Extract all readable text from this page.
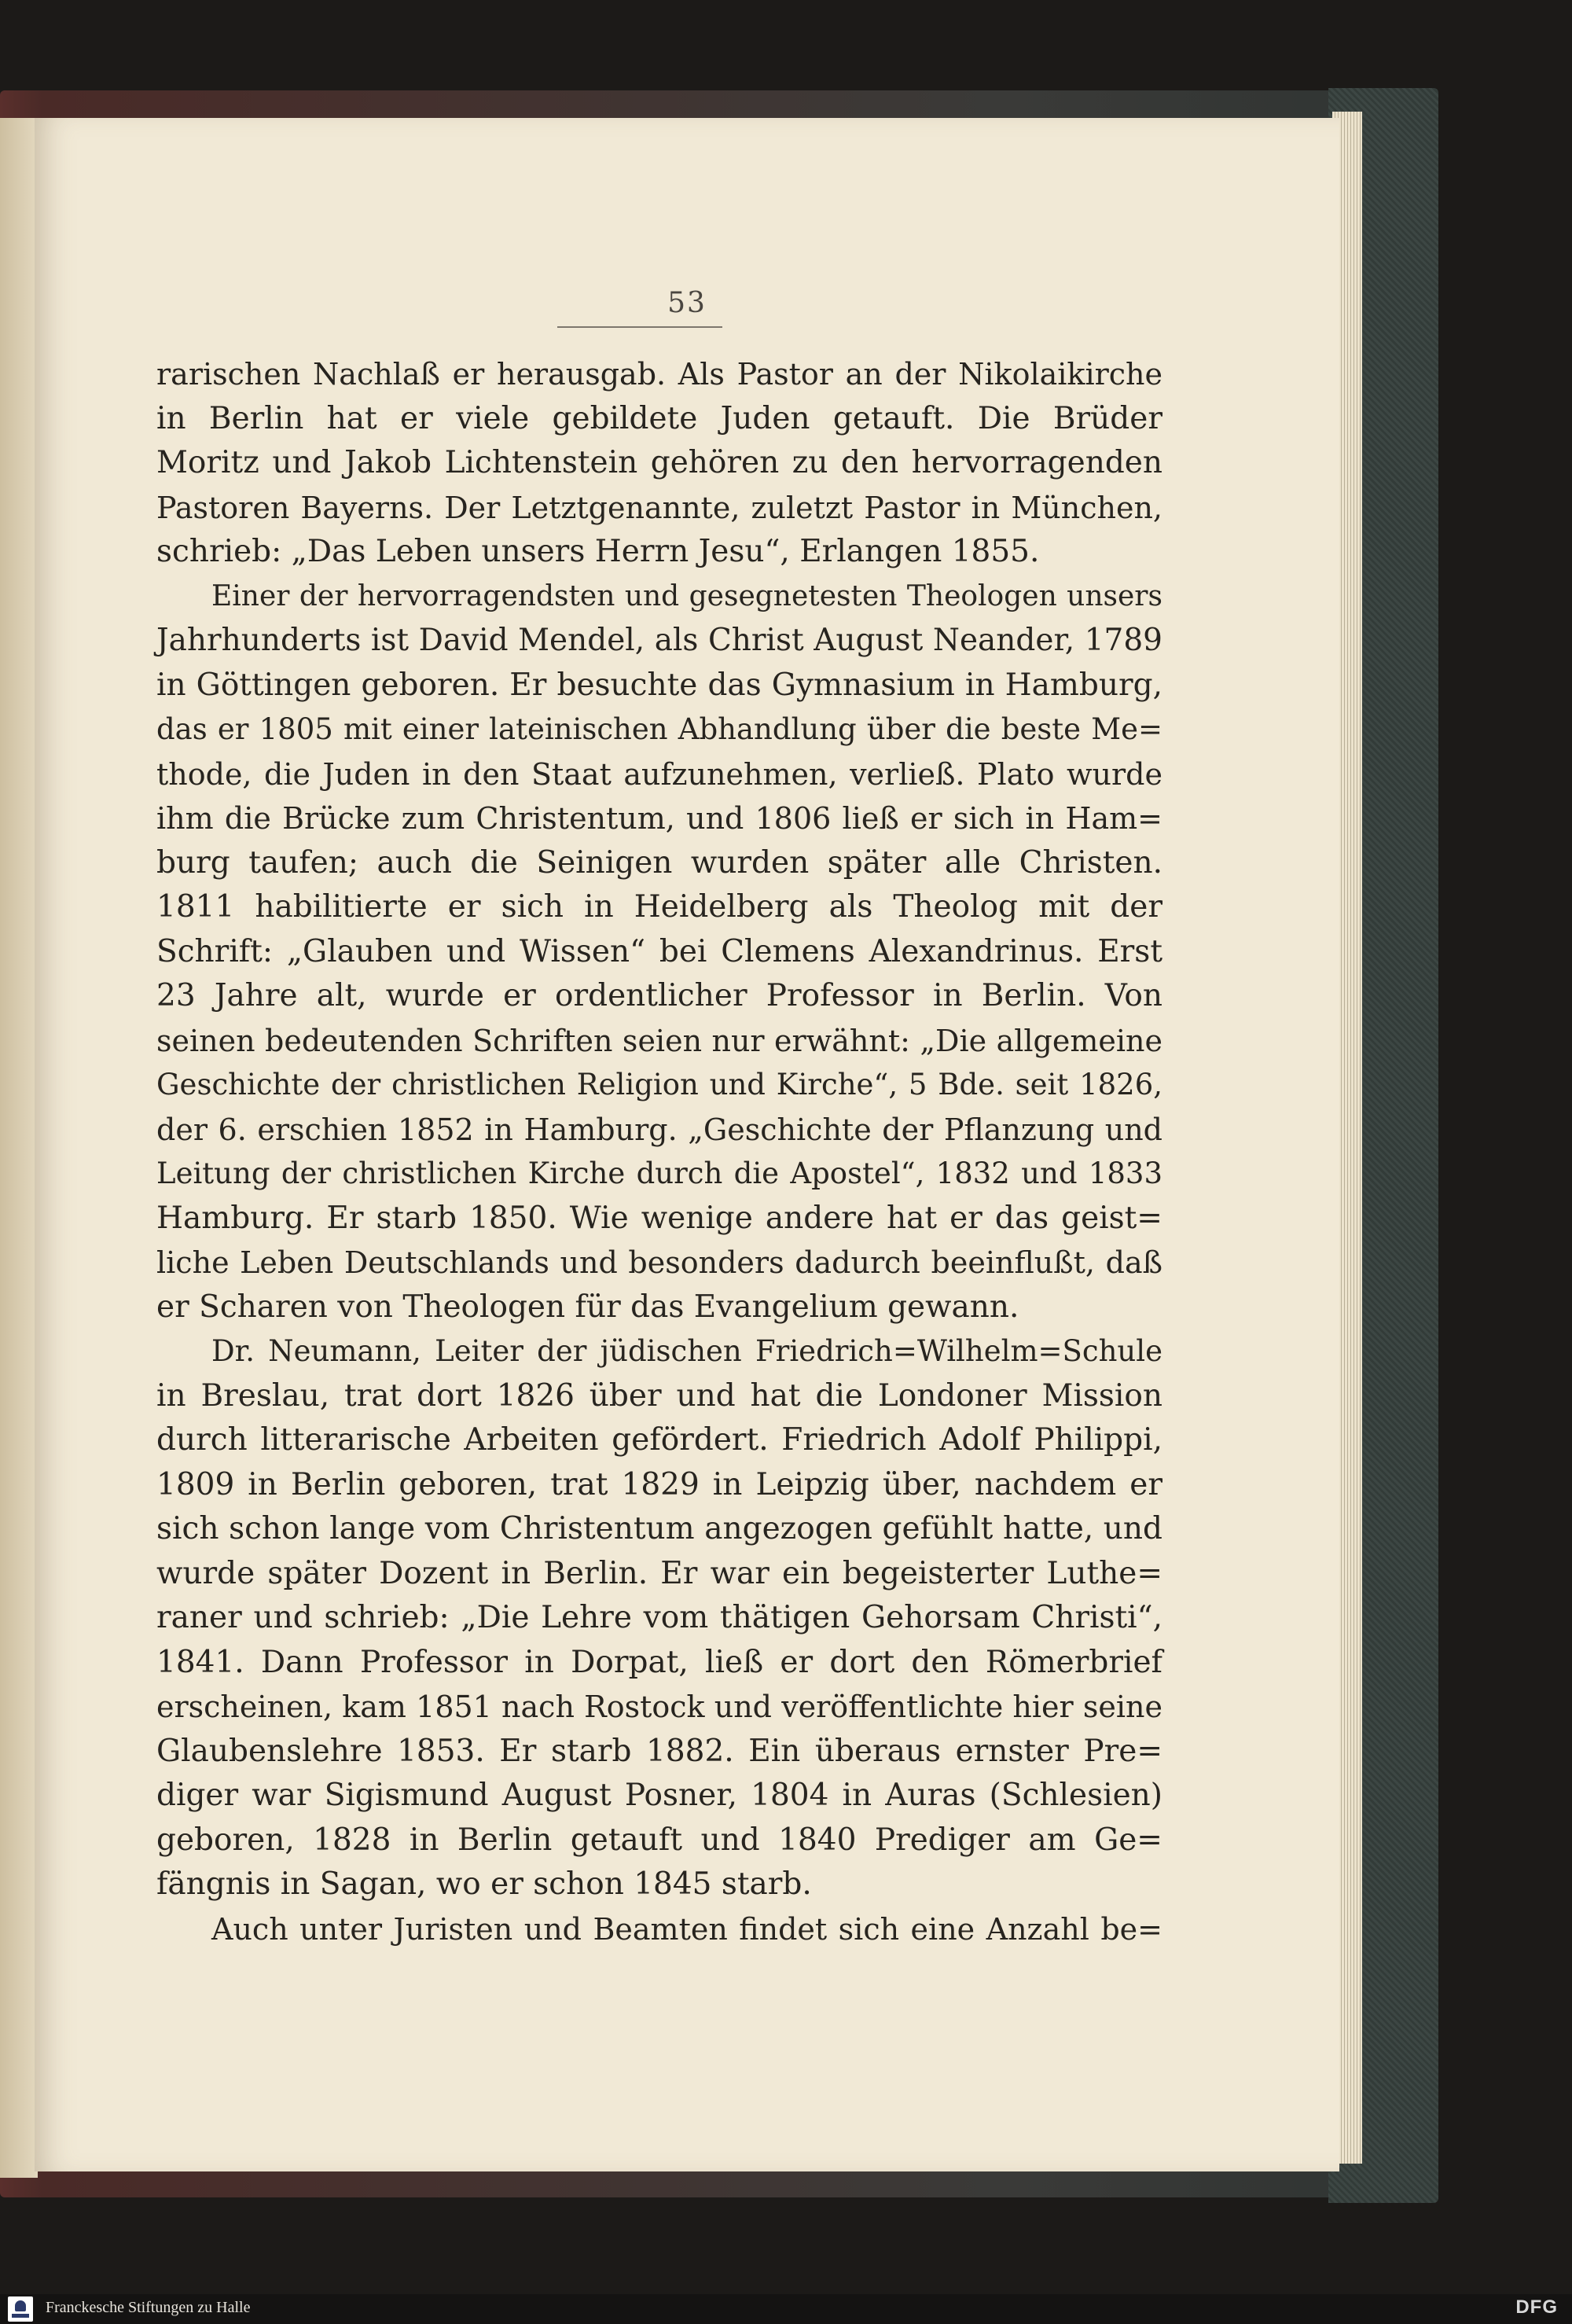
53
rarischen Nachlaß er herausgab. Als Pastor an der Nikolaikirche
in Berlin hat er viele gebildete Juden getauft. Die Brüder
Moritz und Jakob Lichtenstein gehören zu den hervorragenden
Pastoren Bayerns. Der Letztgenannte, zuletzt Pastor in München,
schrieb: „Das Leben unsers Herrn Jesu“, Erlangen 1855.
Einer der hervorragendsten und gesegnetesten Theologen unsers
Jahrhunderts ist David Mendel, als Christ August Neander, 1789
in Göttingen geboren. Er besuchte das Gymnasium in Hamburg,
das er 1805 mit einer lateinischen Abhandlung über die beste Me=
thode, die Juden in den Staat aufzunehmen, verließ. Plato wurde
ihm die Brücke zum Christentum, und 1806 ließ er sich in Ham=
burg taufen; auch die Seinigen wurden später alle Christen.
1811 habilitierte er sich in Heidelberg als Theolog mit der
Schrift: „Glauben und Wissen“ bei Clemens Alexandrinus. Erst
23 Jahre alt, wurde er ordentlicher Professor in Berlin. Von
seinen bedeutenden Schriften seien nur erwähnt: „Die allgemeine
Geschichte der christlichen Religion und Kirche“, 5 Bde. seit 1826,
der 6. erschien 1852 in Hamburg. „Geschichte der Pflanzung und
Leitung der christlichen Kirche durch die Apostel“, 1832 und 1833
Hamburg. Er starb 1850. Wie wenige andere hat er das geist=
liche Leben Deutschlands und besonders dadurch beeinflußt, daß
er Scharen von Theologen für das Evangelium gewann.
Dr. Neumann, Leiter der jüdischen Friedrich=Wilhelm=Schule
in Breslau, trat dort 1826 über und hat die Londoner Mission
durch litterarische Arbeiten gefördert. Friedrich Adolf Philippi,
1809 in Berlin geboren, trat 1829 in Leipzig über, nachdem er
sich schon lange vom Christentum angezogen gefühlt hatte, und
wurde später Dozent in Berlin. Er war ein begeisterter Luthe=
raner und schrieb: „Die Lehre vom thätigen Gehorsam Christi“,
1841. Dann Professor in Dorpat, ließ er dort den Römerbrief
erscheinen, kam 1851 nach Rostock und veröffentlichte hier seine
Glaubenslehre 1853. Er starb 1882. Ein überaus ernster Pre=
diger war Sigismund August Posner, 1804 in Auras (Schlesien)
geboren, 1828 in Berlin getauft und 1840 Prediger am Ge=
fängnis in Sagan, wo er schon 1845 starb.
Auch unter Juristen und Beamten findet sich eine Anzahl be=
Franckesche Stiftungen zu Halle	DFG
